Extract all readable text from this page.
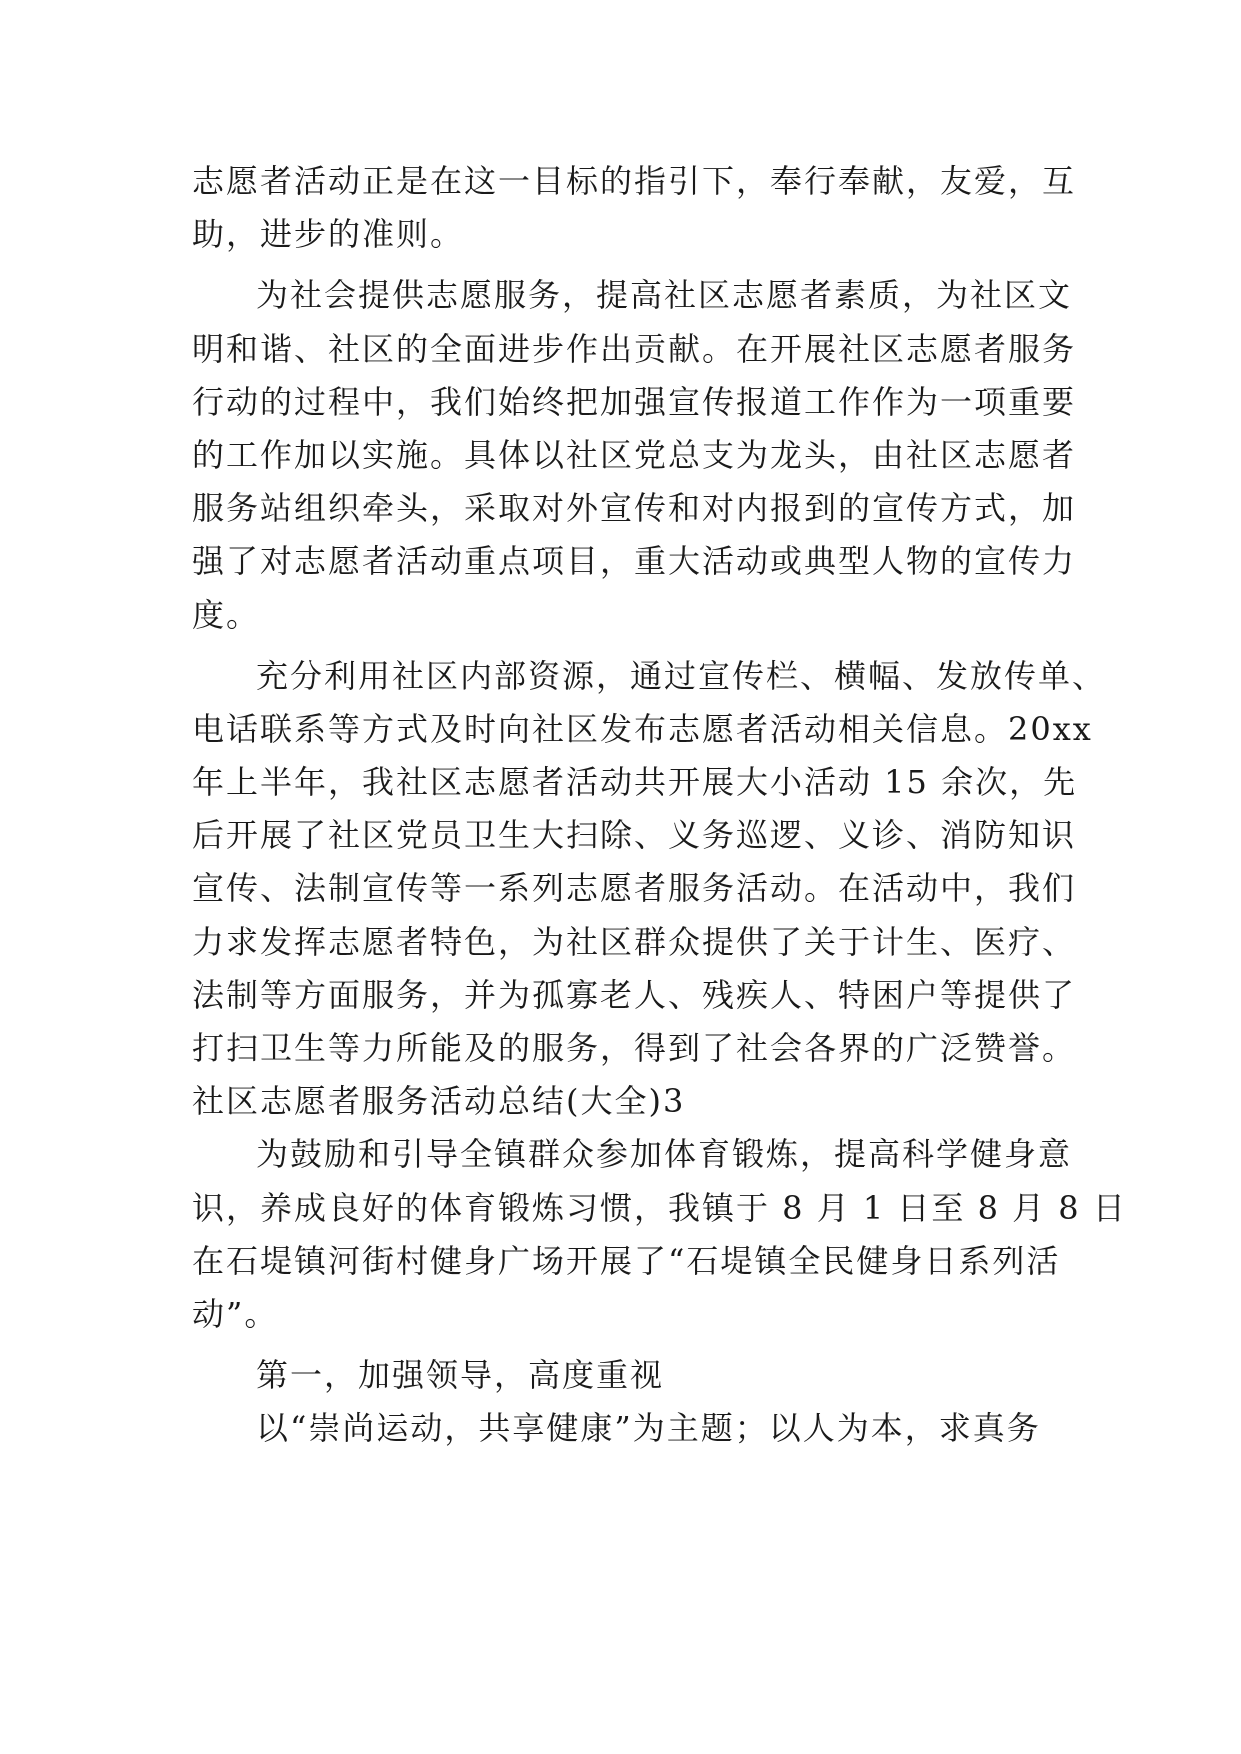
志愿者活动正是在这一目标的指引下，奉行奉献，友爱，互
助，进步的准则。
为社会提供志愿服务，提高社区志愿者素质，为社区文
明和谐、社区的全面进步作出贡献。在开展社区志愿者服务
行动的过程中，我们始终把加强宣传报道工作作为一项重要
的工作加以实施。具体以社区党总支为龙头，由社区志愿者
服务站组织牵头，采取对外宣传和对内报到的宣传方式，加
强了对志愿者活动重点项目，重大活动或典型人物的宣传力
度。
充分利用社区内部资源，通过宣传栏、横幅、发放传单、
电话联系等方式及时向社区发布志愿者活动相关信息。20xx
年上半年，我社区志愿者活动共开展大小活动 15 余次，先
后开展了社区党员卫生大扫除、义务巡逻、义诊、消防知识
宣传、法制宣传等一系列志愿者服务活动。在活动中，我们
力求发挥志愿者特色，为社区群众提供了关于计生、医疗、
法制等方面服务，并为孤寡老人、残疾人、特困户等提供了
打扫卫生等力所能及的服务，得到了社会各界的广泛赞誉。
社区志愿者服务活动总结(大全)3
为鼓励和引导全镇群众参加体育锻炼，提高科学健身意
识，养成良好的体育锻炼习惯，我镇于 8 月 1 日至 8 月 8 日
在石堤镇河街村健身广场开展了“石堤镇全民健身日系列活
动”。
第一，加强领导，高度重视
以“崇尚运动，共享健康”为主题；以人为本，求真务
